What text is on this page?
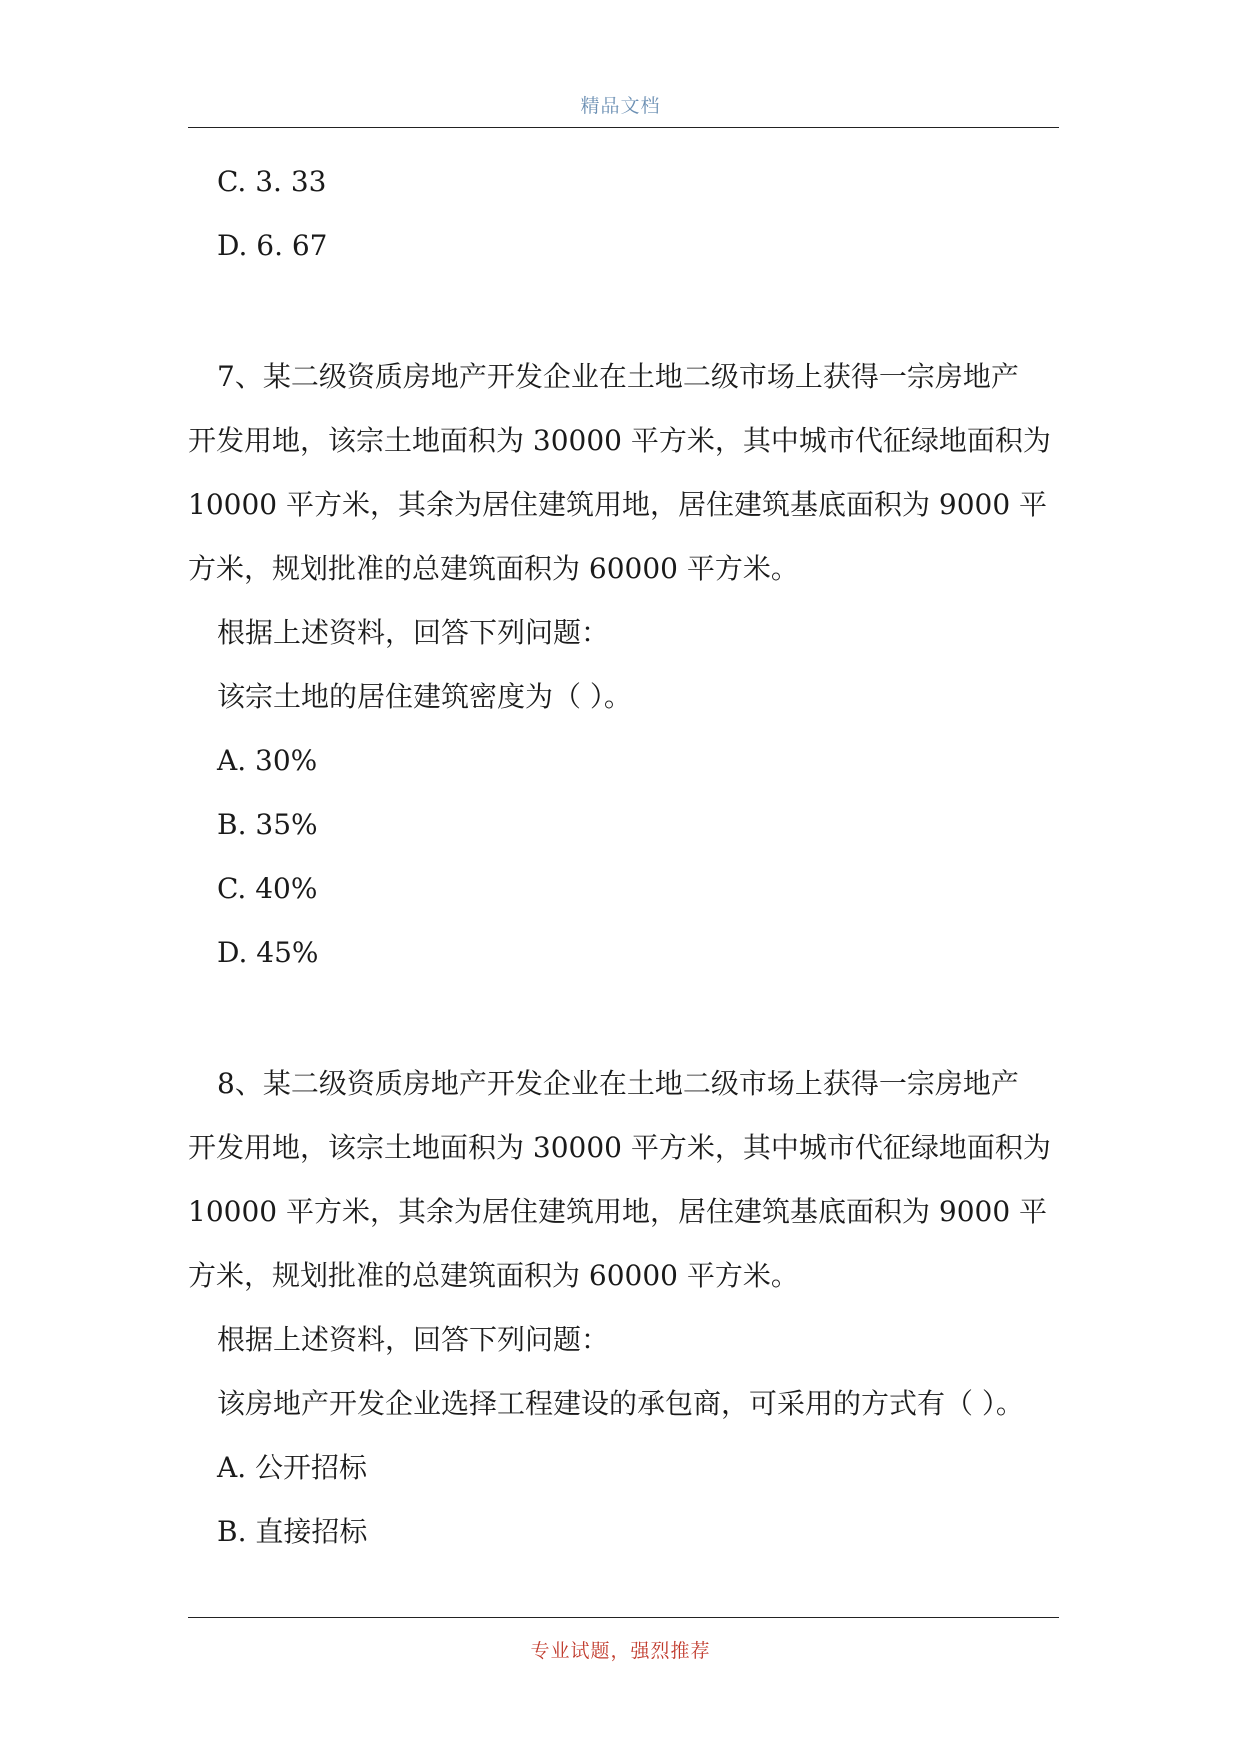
精品文档
C. 3. 33
D. 6. 67
7、某二级资质房地产开发企业在土地二级市场上获得一宗房地产
开发用地，该宗土地面积为 30000 平方米，其中城市代征绿地面积为
10000 平方米，其余为居住建筑用地，居住建筑基底面积为 9000 平
方米，规划批准的总建筑面积为 60000 平方米。
根据上述资料，回答下列问题：
该宗土地的居住建筑密度为（ ）。
A. 30%
B. 35%
C. 40%
D. 45%
8、某二级资质房地产开发企业在土地二级市场上获得一宗房地产
开发用地，该宗土地面积为 30000 平方米，其中城市代征绿地面积为
10000 平方米，其余为居住建筑用地，居住建筑基底面积为 9000 平
方米，规划批准的总建筑面积为 60000 平方米。
根据上述资料，回答下列问题：
该房地产开发企业选择工程建设的承包商，可采用的方式有（ ）。
A. 公开招标
B. 直接招标
专业试题，强烈推荐
